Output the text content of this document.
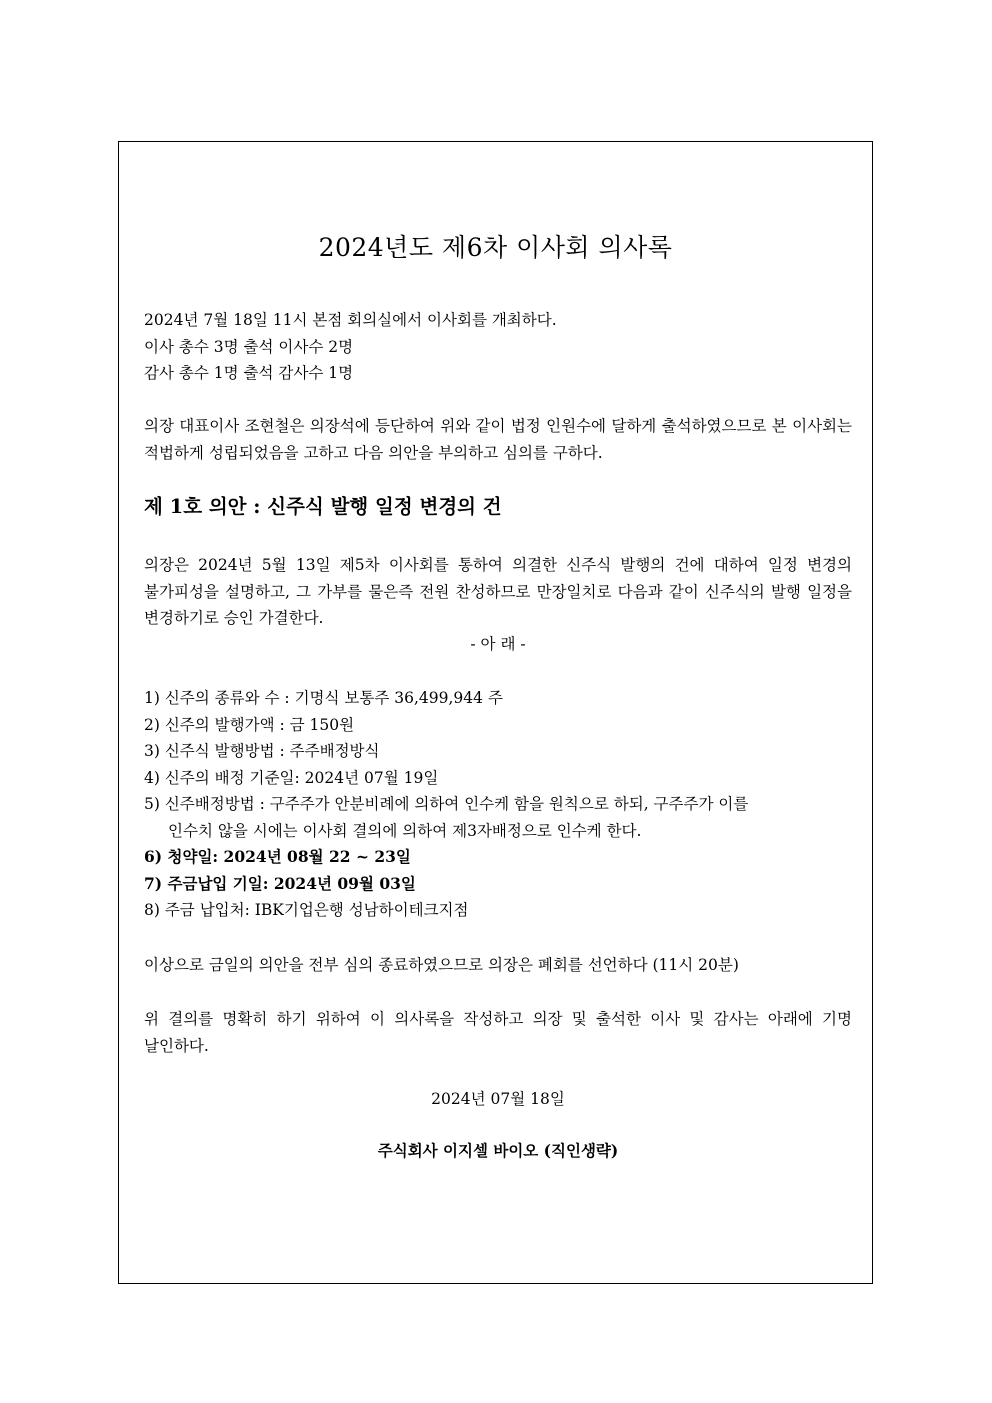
2024년도 제6차 이사회 의사록
2024년 7월 18일 11시 본점 회의실에서 이사회를 개최하다.
이사 총수 3명 출석 이사수 2명
감사 총수 1명 출석 감사수 1명
의장 대표이사 조현철은 의장석에 등단하여 위와 같이 법정 인원수에 달하게 출석하였으므로 본 이사회는 적법하게 성립되었음을 고하고 다음 의안을 부의하고 심의를 구하다.
제 1호 의안 : 신주식 발행 일정 변경의 건
의장은 2024년 5월 13일 제5차 이사회를 통하여 의결한 신주식 발행의 건에 대하여 일정 변경의 불가피성을 설명하고, 그 가부를 물은즉 전원 찬성하므로 만장일치로 다음과 같이 신주식의 발행 일정을 변경하기로 승인 가결한다.
- 아 래 -
1) 신주의 종류와 수 : 기명식 보통주 36,499,944 주
2) 신주의 발행가액 : 금 150원
3) 신주식 발행방법 : 주주배정방식
4) 신주의 배정 기준일: 2024년 07월 19일
5) 신주배정방법 : 구주주가 안분비례에 의하여 인수케 함을 원칙으로 하되, 구주주가 이를
인수치 않을 시에는 이사회 결의에 의하여 제3자배정으로 인수케 한다.
6) 청약일: 2024년 08월 22 ~ 23일
7) 주금납입 기일: 2024년 09월 03일
8) 주금 납입처: IBK기업은행 성남하이테크지점
이상으로 금일의 의안을 전부 심의 종료하였으므로 의장은 폐회를 선언하다 (11시 20분)
위 결의를 명확히 하기 위하여 이 의사록을 작성하고 의장 및 출석한 이사 및 감사는 아래에 기명 날인하다.
2024년 07월 18일
주식회사 이지셀 바이오 (직인생략)
